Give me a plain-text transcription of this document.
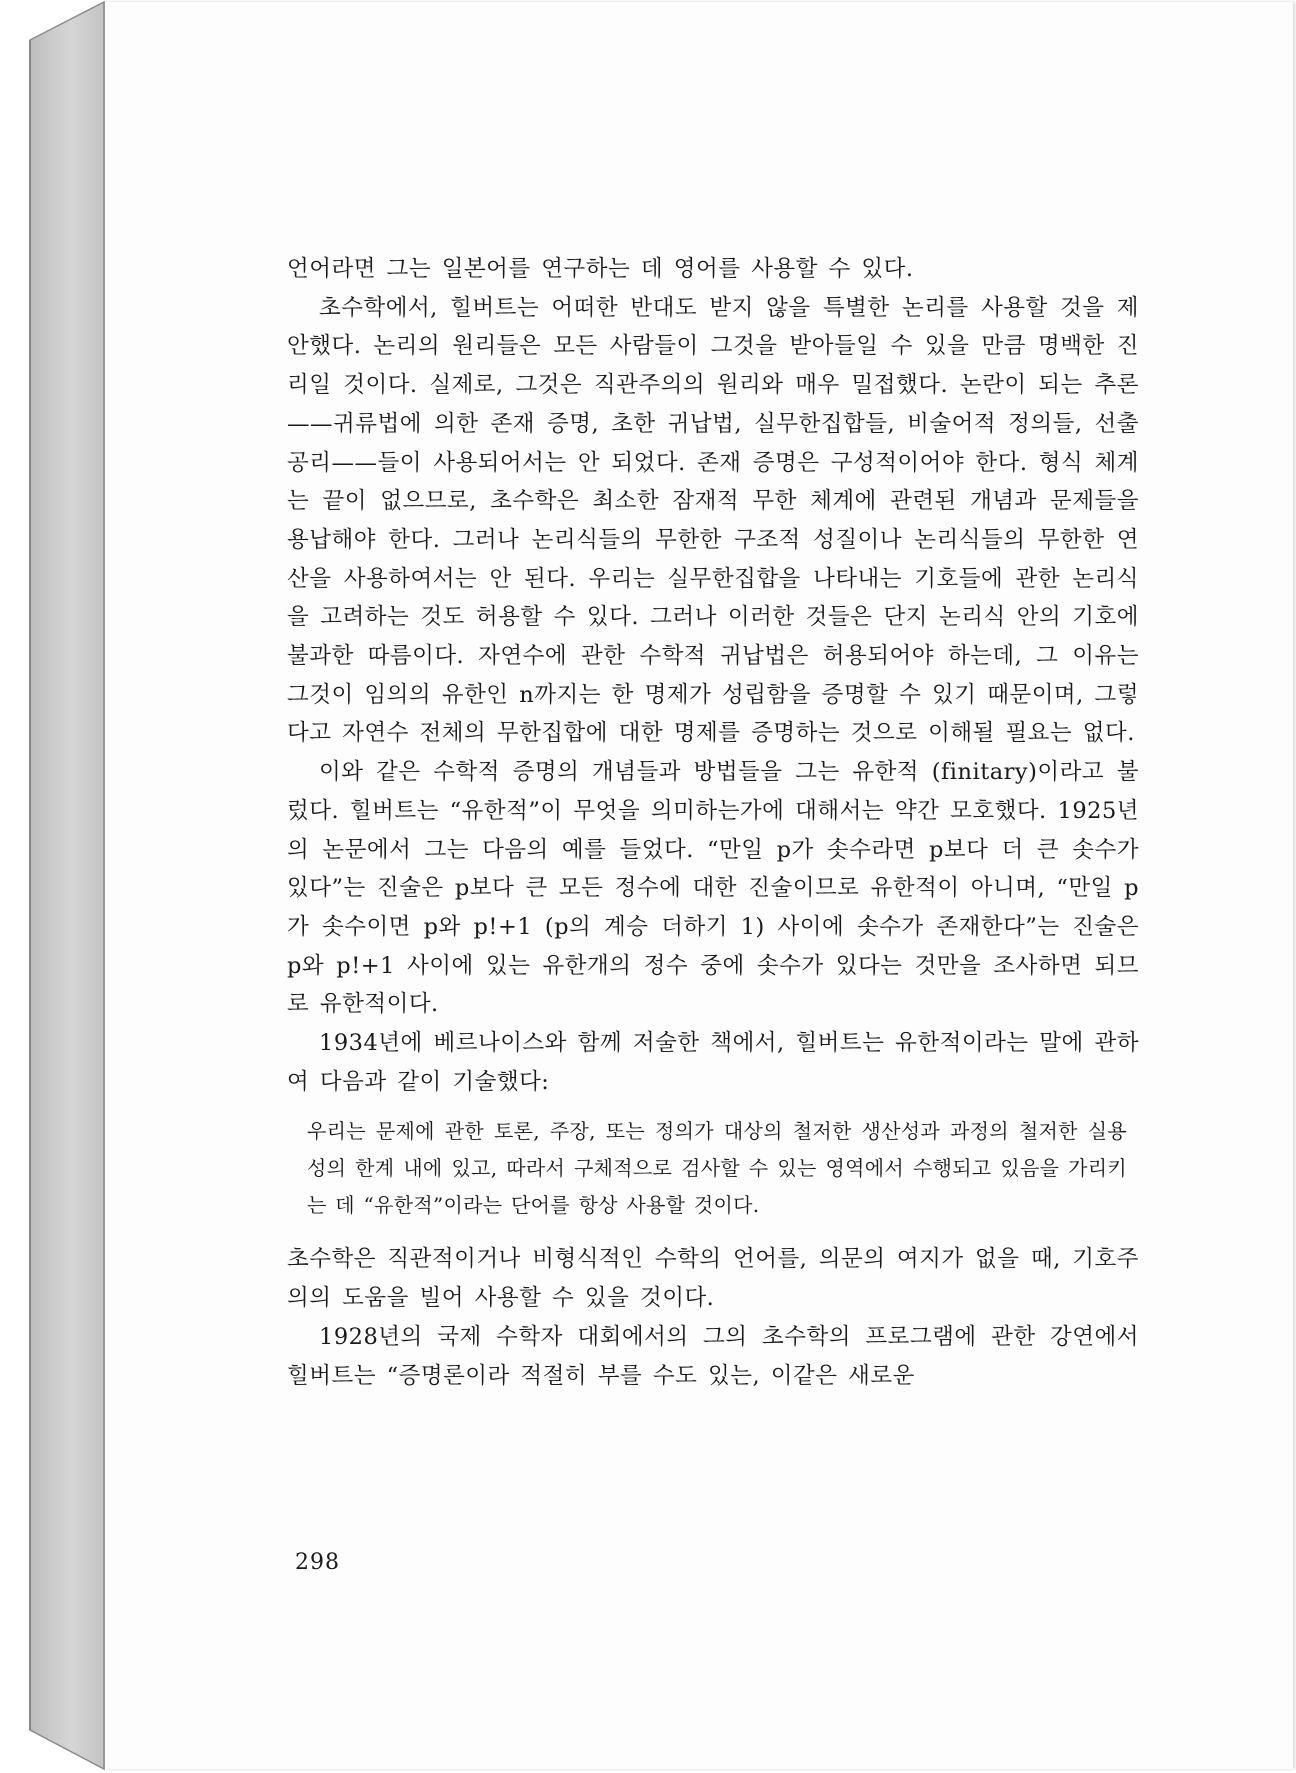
언어라면 그는 일본어를 연구하는 데 영어를 사용할 수 있다.

초수학에서, 힐버트는 어떠한 반대도 받지 않을 특별한 논리를 사용할 것을 제안했다. 논리의 원리들은 모든 사람들이 그것을 받아들일 수 있을 만큼 명백한 진리일 것이다. 실제로, 그것은 직관주의의 원리와 매우 밀접했다. 논란이 되는 추론——귀류법에 의한 존재 증명, 초한 귀납법, 실무한집합들, 비술어적 정의들, 선출공리——들이 사용되어서는 안 되었다. 존재 증명은 구성적이어야 한다. 형식 체계는 끝이 없으므로, 초수학은 최소한 잠재적 무한 체계에 관련된 개념과 문제들을 용납해야 한다. 그러나 논리식들의 무한한 구조적 성질이나 논리식들의 무한한 연산을 사용하여서는 안 된다. 우리는 실무한집합을 나타내는 기호들에 관한 논리식을 고려하는 것도 허용할 수 있다. 그러나 이러한 것들은 단지 논리식 안의 기호에 불과한 따름이다. 자연수에 관한 수학적 귀납법은 허용되어야 하는데, 그 이유는 그것이 임의의 유한인 n까지는 한 명제가 성립함을 증명할 수 있기 때문이며, 그렇다고 자연수 전체의 무한집합에 대한 명제를 증명하는 것으로 이해될 필요는 없다.

이와 같은 수학적 증명의 개념들과 방법들을 그는 유한적 (finitary)이라고 불렀다. 힐버트는 “유한적”이 무엇을 의미하는가에 대해서는 약간 모호했다. 1925년의 논문에서 그는 다음의 예를 들었다. “만일 p가 솟수라면 p보다 더 큰 솟수가 있다”는 진술은 p보다 큰 모든 정수에 대한 진술이므로 유한적이 아니며, “만일 p가 솟수이면 p와 p!+1 (p의 계승 더하기 1) 사이에 솟수가 존재한다”는 진술은 p와 p!+1 사이에 있는 유한개의 정수 중에 솟수가 있다는 것만을 조사하면 되므로 유한적이다.

1934년에 베르나이스와 함께 저술한 책에서, 힐버트는 유한적이라는 말에 관하여 다음과 같이 기술했다:

우리는 문제에 관한 토론, 주장, 또는 정의가 대상의 철저한 생산성과 과정의 철저한 실용성의 한계 내에 있고, 따라서 구체적으로 검사할 수 있는 영역에서 수행되고 있음을 가리키는 데 “유한적”이라는 단어를 항상 사용할 것이다.

초수학은 직관적이거나 비형식적인 수학의 언어를, 의문의 여지가 없을 때, 기호주의의 도움을 빌어 사용할 수 있을 것이다.

1928년의 국제 수학자 대회에서의 그의 초수학의 프로그램에 관한 강연에서 힐버트는 “증명론이라 적절히 부를 수도 있는, 이같은 새로운

298
